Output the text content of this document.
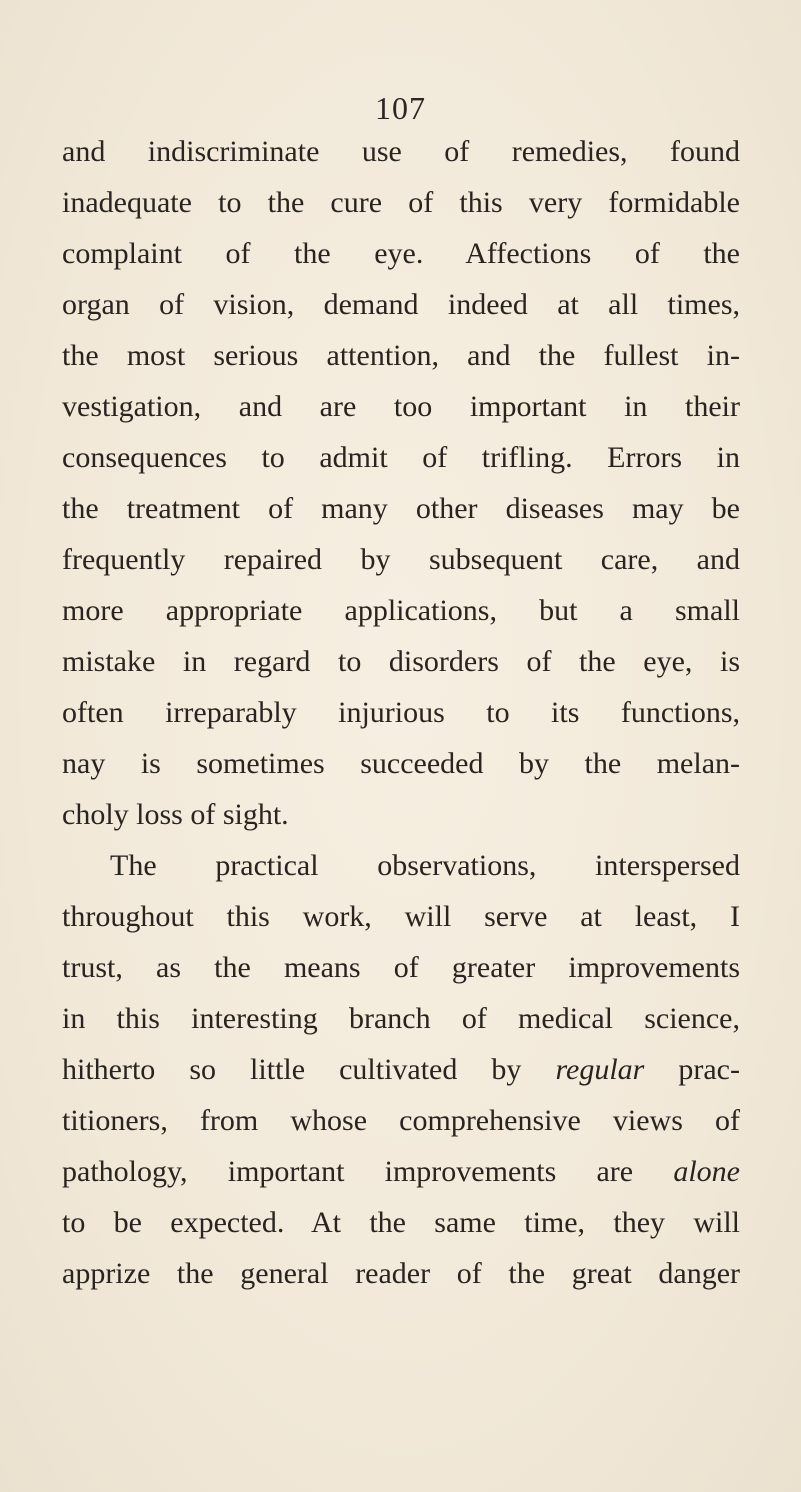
107
and indiscriminate use of remedies, found
inadequate to the cure of this very formidable
complaint of the eye. Affections of the
organ of vision, demand indeed at all times,
the most serious attention, and the fullest in-
vestigation, and are too important in their
consequences to admit of trifling. Errors in
the treatment of many other diseases may be
frequently repaired by subsequent care, and
more appropriate applications, but a small
mistake in regard to disorders of the eye, is
often irreparably injurious to its functions,
nay is sometimes succeeded by the melan-
choly loss of sight.
The practical observations, interspersed
throughout this work, will serve at least, I
trust, as the means of greater improvements
in this interesting branch of medical science,
hitherto so little cultivated by regular prac-
titioners, from whose comprehensive views of
pathology, important improvements are alone
to be expected. At the same time, they will
apprize the general reader of the great danger
